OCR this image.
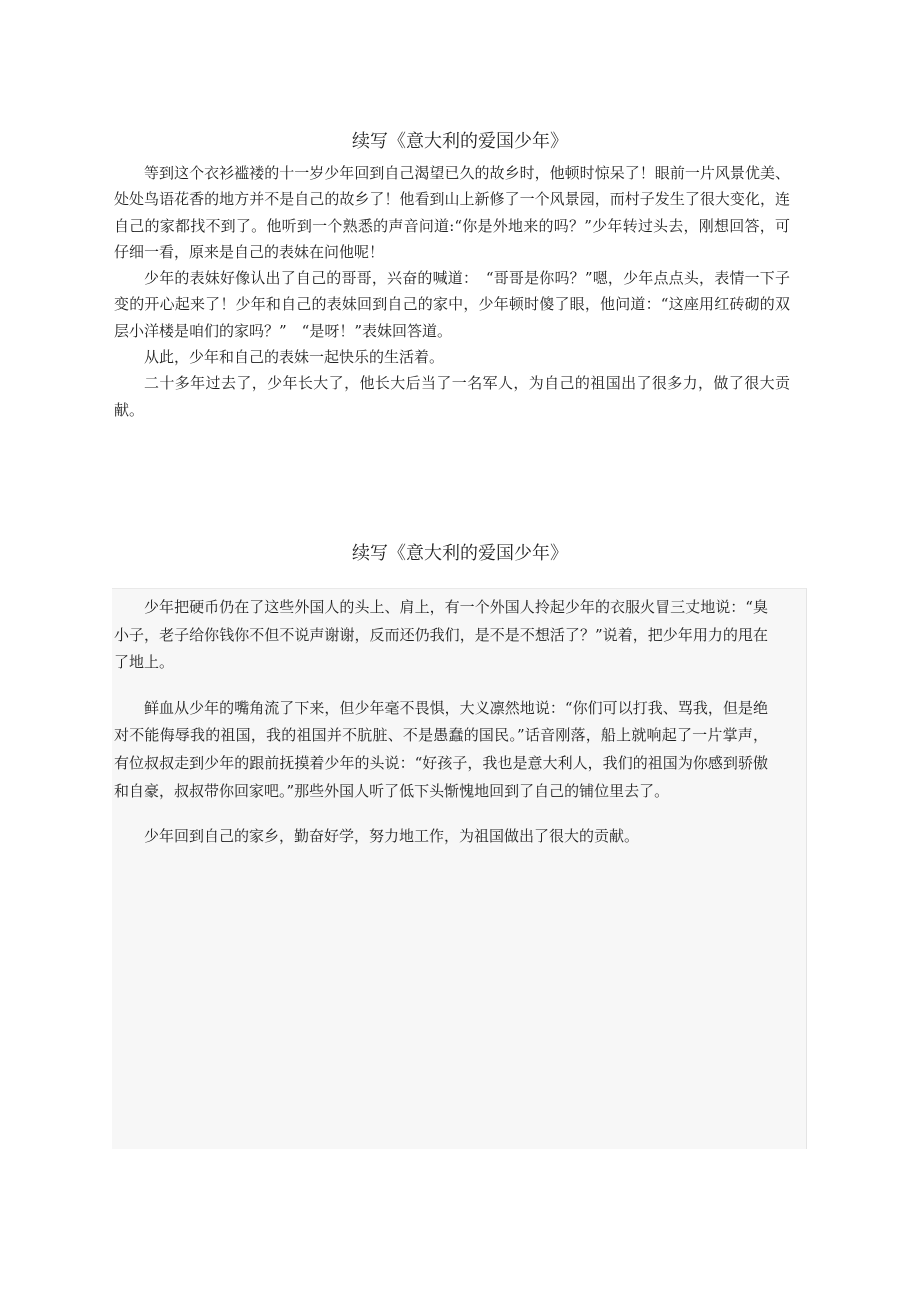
续写《意大利的爱国少年》

等到这个衣衫褴褛的十一岁少年回到自己渴望已久的故乡时，他顿时惊呆了！眼前一片风景优美、处处鸟语花香的地方并不是自己的故乡了！他看到山上新修了一个风景园，而村子发生了很大变化，连自己的家都找不到了。他听到一个熟悉的声音问道:“你是外地来的吗？”少年转过头去，刚想回答，可仔细一看，原来是自己的表妹在问他呢！

少年的表妹好像认出了自己的哥哥，兴奋的喊道：　“哥哥是你吗？”嗯，少年点点头，表情一下子变的开心起来了！少年和自己的表妹回到自己的家中，少年顿时傻了眼，他问道：“这座用红砖砌的双层小洋楼是咱们的家吗？”　“是呀！”表妹回答道。

从此，少年和自己的表妹一起快乐的生活着。

二十多年过去了，少年长大了，他长大后当了一名军人，为自己的祖国出了很多力，做了很大贡献。

续写《意大利的爱国少年》

少年把硬币仍在了这些外国人的头上、肩上，有一个外国人拎起少年的衣服火冒三丈地说：“臭小子，老子给你钱你不但不说声谢谢，反而还仍我们，是不是不想活了？”说着，把少年用力的甩在了地上。

鲜血从少年的嘴角流了下来，但少年毫不畏惧，大义凛然地说：“你们可以打我、骂我，但是绝对不能侮辱我的祖国，我的祖国并不肮脏、不是愚蠢的国民。”话音刚落，船上就响起了一片掌声，有位叔叔走到少年的跟前抚摸着少年的头说：“好孩子，我也是意大利人，我们的祖国为你感到骄傲和自豪，叔叔带你回家吧。”那些外国人听了低下头惭愧地回到了自己的铺位里去了。

少年回到自己的家乡，勤奋好学，努力地工作，为祖国做出了很大的贡献。
